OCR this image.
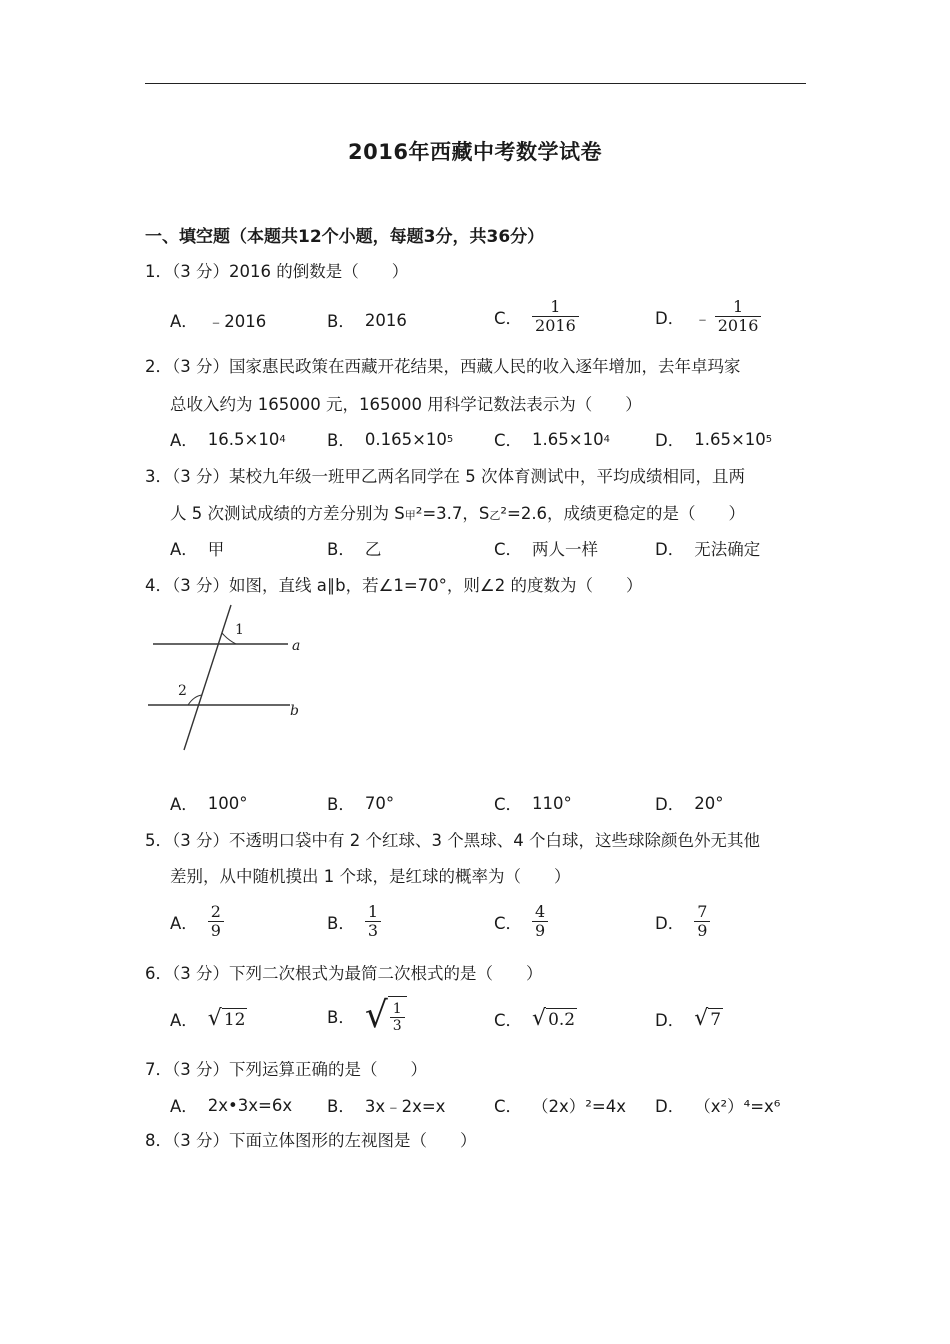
2016年西藏中考数学试卷
一、填空题（本题共12个小题，每题3分，共36分）
1．（3 分）2016 的倒数是（　　）
A． ﹣2016	B． 2016	C． $\frac{1}{2016}$	D． ﹣ $\frac{1}{2016}$
2．（3 分）国家惠民政策在西藏开花结果，西藏人民的收入逐年增加，去年卓玛家
总收入约为 165000 元，165000 用科学记数法表示为（　　）
A． 16.5×10 4	B． 0.165×10 5 C． 1.65×10 4	D． 1.65×10 5
3．（3 分）某校九年级一班甲乙两名同学在 5 次体育测试中，平均成绩相同，且两
人 5 次测试成绩的方差分别为 S甲²=3.7，S乙²=2.6，成绩更稳定的是（　　）
A． 甲	B． 乙	C． 两人一样	D． 无法确定
4．（3 分）如图，直线 a∥b，若∠1=70°，则∠2 的度数为（　　）
1
2
a
b
A． 100°	B． 70°	C． 110°	D． 20°
5．（3 分）不透明口袋中有 2 个红球、3 个黑球、4 个白球，这些球除颜色外无其他
差别，从中随机摸出 1 个球，是红球的概率为（　　）
A． $\frac{2}{9}$	B． $\frac{1}{3}$	C． $\frac{4}{9}$	D． $\frac{7}{9}$
6．（3 分）下列二次根式为最简二次根式的是（　　）
A． √ 12	B． √ $\frac{1}{3}$	C． √ 0.2	D． √ 7
7．（3 分）下列运算正确的是（　　）
A． 2x•3x=6x B． 3x﹣2x=x	C． （2x）²=4x D． （x²）⁴=x⁶
8．（3 分）下面立体图形的左视图是（　　）
